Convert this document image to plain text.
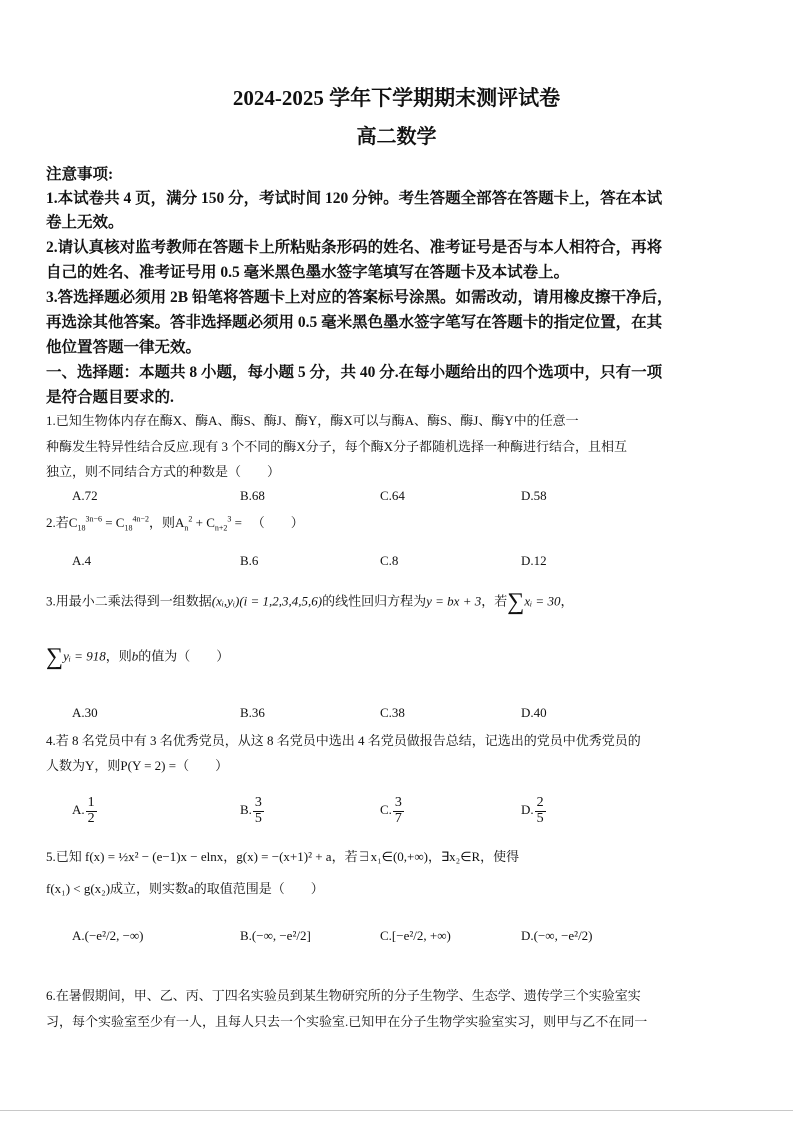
2024-2025 学年下学期期末测评试卷
高二数学
注意事项:
1.本试卷共 4 页，满分 150 分，考试时间 120 分钟。考生答题全部答在答题卡上，答在本试
卷上无效。
2.请认真核对监考教师在答题卡上所粘贴条形码的姓名、准考证号是否与本人相符合，再将
自己的姓名、准考证号用 0.5 毫米黑色墨水签字笔填写在答题卡及本试卷上。
3.答选择题必须用 2B 铅笔将答题卡上对应的答案标号涂黑。如需改动，请用橡皮擦干净后，
再选涂其他答案。答非选择题必须用 0.5 毫米黑色墨水签字笔写在答题卡的指定位置，在其
他位置答题一律无效。
一、选择题：本题共 8 小题，每小题 5 分，共 40 分.在每小题给出的四个选项中，只有一项
是符合题目要求的.
1.已知生物体内存在酶X、酶A、酶S、酶J、酶Y，酶X可以与酶A、酶S、酶J、酶Y中的任意一
种酶发生特异性结合反应.现有 3 个不同的酶X分子，每个酶X分子都随机选择一种酶进行结合，且相互
独立，则不同结合方式的种数是（　　）
A.72	B.68	C.64	D.58
2.若$C_{18}^{3n-6} = C_{18}^{4n-2}$，则$A_n^2 + C_{n+2}^3$ = （　　）
A.4	B.6	C.8	D.12
3.用最小二乘法得到一组数据(xᵢ,yᵢ)(i = 1,2,3,4,5,6)的线性回归方程为y = bx + 3，若∑xᵢ = 30，
∑yᵢ = 918，则b的值为（　　）
A.30	B.36	C.38	D.40
4.若 8 名党员中有 3 名优秀党员，从这 8 名党员中选出 4 名党员做报告总结，记选出的党员中优秀党员的
人数为Y，则P(Y = 2) =（　　）
A. $\frac{1}{2}$	B. $\frac{3}{5}$	C. $\frac{3}{7}$	D. $\frac{2}{5}$
5.已知 f(x) = ½x² − (e−1)x − elnx，g(x) = −(x+1)² + a，若∃x₁∈(0,+∞)，∃x₂∈R，使得
f(x₁) < g(x₂)成立，则实数a的取值范围是（　　）
A.(−e²/2, −∞)	B.(−∞, −e²/2]	C.[−e²/2, +∞)	D.(−∞, −e²/2)
6.在暑假期间，甲、乙、丙、丁四名实验员到某生物研究所的分子生物学、生态学、遗传学三个实验室实
习，每个实验室至少有一人，且每人只去一个实验室.已知甲在分子生物学实验室实习，则甲与乙不在同一
